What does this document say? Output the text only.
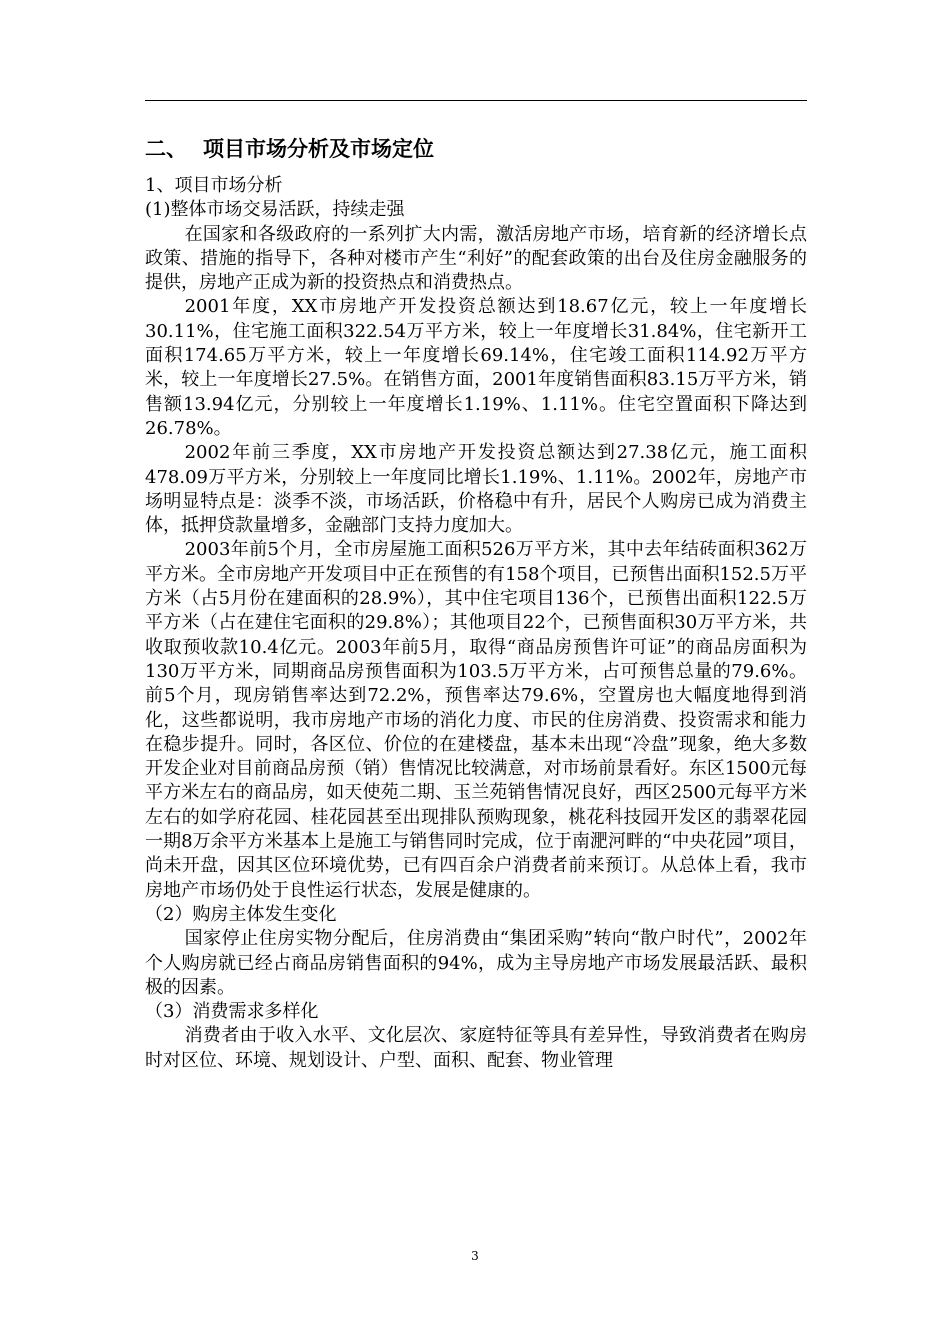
二、 项目市场分析及市场定位
1、项目市场分析
(1)整体市场交易活跃，持续走强

在国家和各级政府的一系列扩大内需，激活房地产市场，培育新的经济增长点政策、措施的指导下，各种对楼市产生“利好”的配套政策的出台及住房金融服务的提供，房地产正成为新的投资热点和消费热点。

2001年度，XX市房地产开发投资总额达到18.67亿元，较上一年度增长30.11%，住宅施工面积322.54万平方米，较上一年度增长31.84%，住宅新开工面积174.65万平方米，较上一年度增长69.14%，住宅竣工面积114.92万平方米，较上一年度增长27.5%。在销售方面，2001年度销售面积83.15万平方米，销售额13.94亿元，分别较上一年度增长1.19%、1.11%。住宅空置面积下降达到26.78%。

2002年前三季度，XX市房地产开发投资总额达到27.38亿元，施工面积478.09万平方米，分别较上一年度同比增长1.19%、1.11%。2002年，房地产市场明显特点是：淡季不淡，市场活跃，价格稳中有升，居民个人购房已成为消费主体，抵押贷款量增多，金融部门支持力度加大。

2003年前5个月，全市房屋施工面积526万平方米，其中去年结砖面积362万平方米。全市房地产开发项目中正在预售的有158个项目，已预售出面积152.5万平方米（占5月份在建面积的28.9%），其中住宅项目136个，已预售出面积122.5万平方米（占在建住宅面积的29.8%）；其他项目22个，已预售面积30万平方米，共收取预收款10.4亿元。2003年前5月，取得“商品房预售许可证”的商品房面积为130万平方米，同期商品房预售面积为103.5万平方米，占可预售总量的79.6%。前5个月，现房销售率达到72.2%，预售率达79.6%，空置房也大幅度地得到消化，这些都说明，我市房地产市场的消化力度、市民的住房消费、投资需求和能力在稳步提升。同时，各区位、价位的在建楼盘，基本未出现“冷盘”现象，绝大多数开发企业对目前商品房预（销）售情况比较满意，对市场前景看好。东区1500元每平方米左右的商品房，如天使苑二期、玉兰苑销售情况良好，西区2500元每平方米左右的如学府花园、桂花园甚至出现排队预购现象，桃花科技园开发区的翡翠花园一期8万余平方米基本上是施工与销售同时完成，位于南淝河畔的“中央花园”项目，尚未开盘，因其区位环境优势，已有四百余户消费者前来预订。从总体上看，我市房地产市场仍处于良性运行状态，发展是健康的。

（2）购房主体发生变化

国家停止住房实物分配后，住房消费由“集团采购”转向“散户时代”，2002年个人购房就已经占商品房销售面积的94%，成为主导房地产市场发展最活跃、最积极的因素。

（3）消费需求多样化

消费者由于收入水平、文化层次、家庭特征等具有差异性，导致消费者在购房时对区位、环境、规划设计、户型、面积、配套、物业管理

3
